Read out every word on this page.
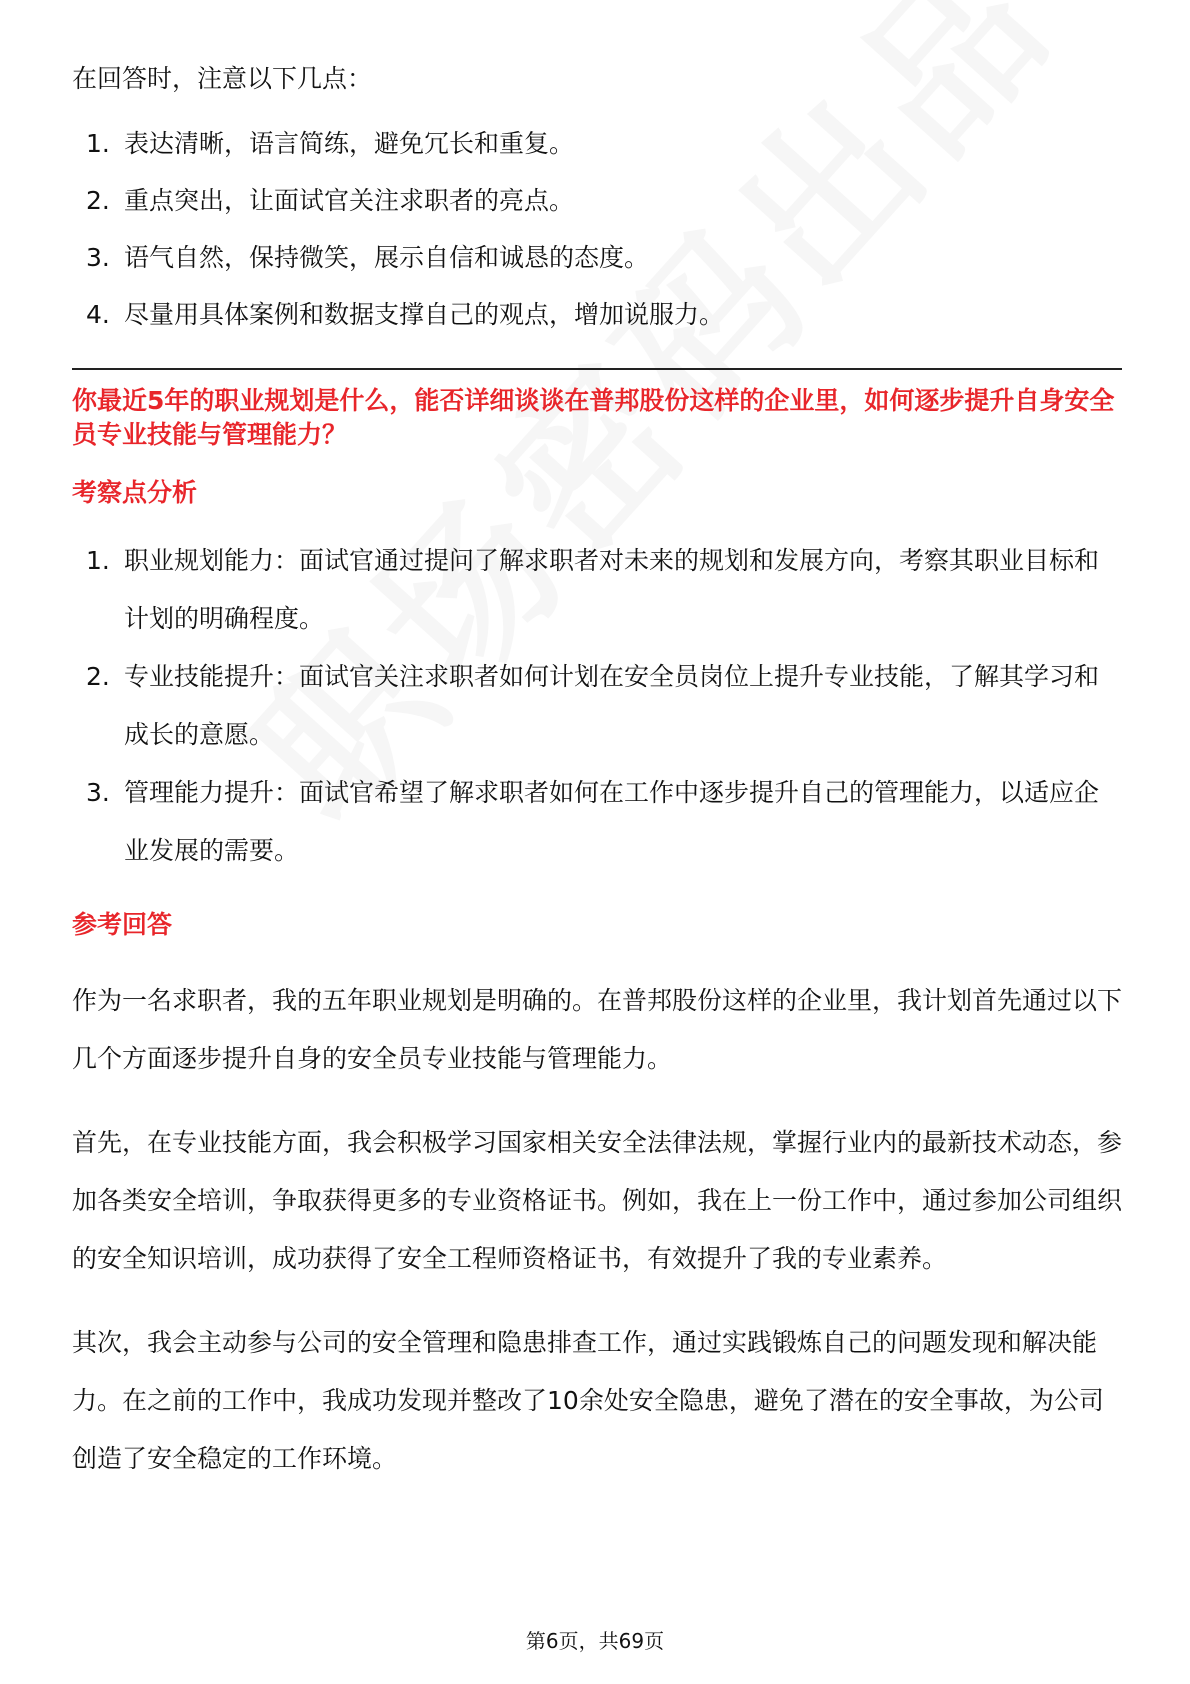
在回答时，注意以下几点：

1. 表达清晰，语言简练，避免冗长和重复。
2. 重点突出，让面试官关注求职者的亮点。
3. 语气自然，保持微笑，展示自信和诚恳的态度。
4. 尽量用具体案例和数据支撑自己的观点，增加说服力。
你最近5年的职业规划是什么，能否详细谈谈在普邦股份这样的企业里，如何逐步提升自身安全员专业技能与管理能力？
考察点分析
1. 职业规划能力：面试官通过提问了解求职者对未来的规划和发展方向，考察其职业目标和计划的明确程度。
2. 专业技能提升：面试官关注求职者如何计划在安全员岗位上提升专业技能，了解其学习和成长的意愿。
3. 管理能力提升：面试官希望了解求职者如何在工作中逐步提升自己的管理能力，以适应企业发展的需要。
参考回答

作为一名求职者，我的五年职业规划是明确的。在普邦股份这样的企业里，我计划首先通过以下几个方面逐步提升自身的安全员专业技能与管理能力。

首先，在专业技能方面，我会积极学习国家相关安全法律法规，掌握行业内的最新技术动态，参加各类安全培训，争取获得更多的专业资格证书。例如，我在上一份工作中，通过参加公司组织的安全知识培训，成功获得了安全工程师资格证书，有效提升了我的专业素养。

其次，我会主动参与公司的安全管理和隐患排查工作，通过实践锻炼自己的问题发现和解决能力。在之前的工作中，我成功发现并整改了10余处安全隐患，避免了潜在的安全事故，为公司创造了安全稳定的工作环境。

第6页，共69页
